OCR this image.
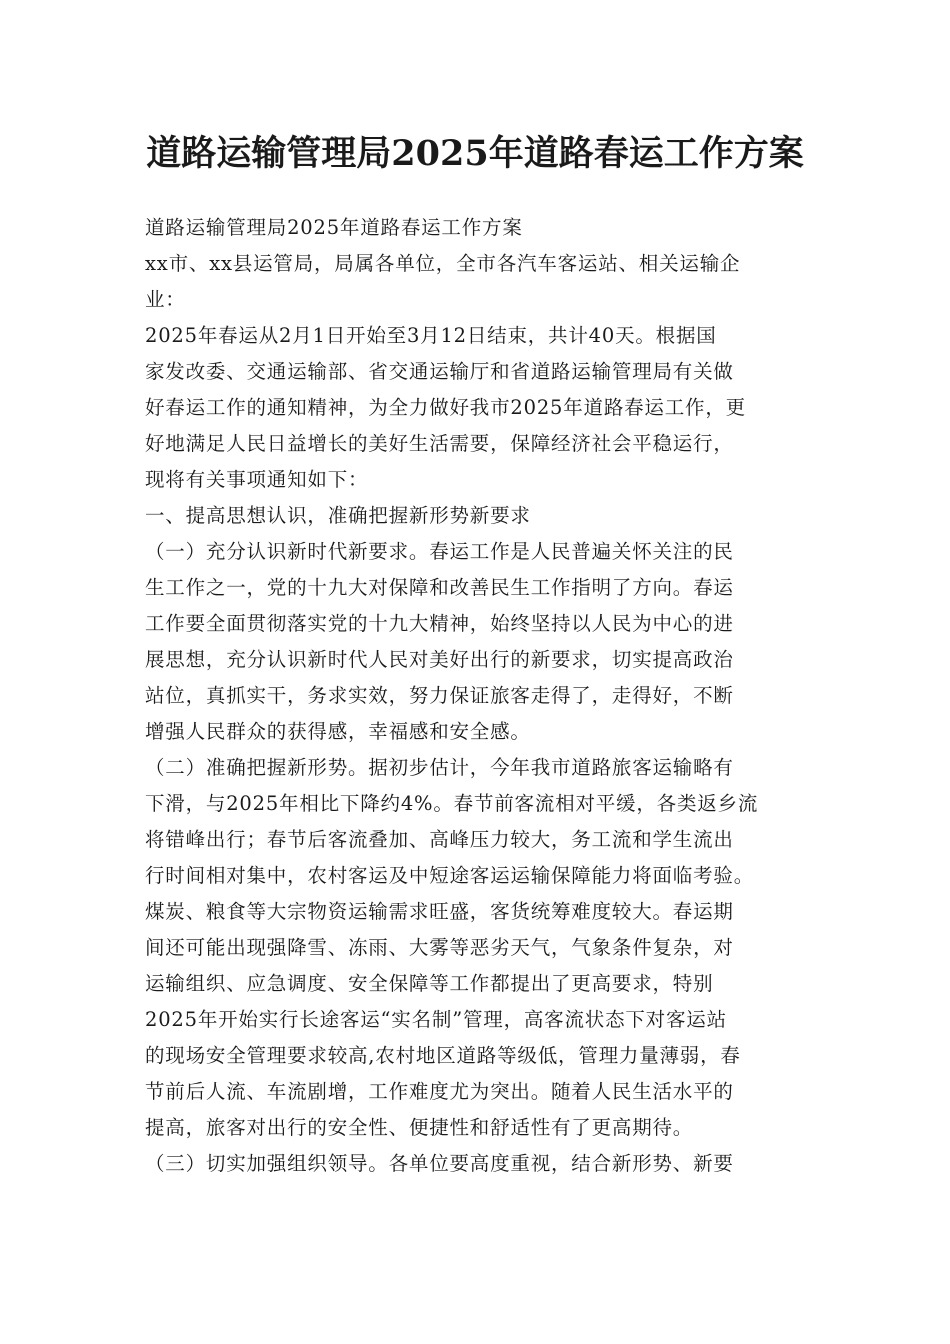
道路运输管理局2025年道路春运工作方案

道路运输管理局2025年道路春运工作方案

xx市、xx县运管局，局属各单位，全市各汽车客运站、相关运输企

业：

2025年春运从2月1日开始至3月12日结束，共计40天。根据国

家发改委、交通运输部、省交通运输厅和省道路运输管理局有关做

好春运工作的通知精神，为全力做好我市2025年道路春运工作，更

好地满足人民日益增长的美好生活需要，保障经济社会平稳运行，

现将有关事项通知如下：

一、提高思想认识，准确把握新形势新要求

（一）充分认识新时代新要求。春运工作是人民普遍关怀关注的民

生工作之一，党的十九大对保障和改善民生工作指明了方向。春运

工作要全面贯彻落实党的十九大精神，始终坚持以人民为中心的进

展思想，充分认识新时代人民对美好出行的新要求，切实提高政治

站位，真抓实干，务求实效，努力保证旅客走得了，走得好，不断

增强人民群众的获得感，幸福感和安全感。

（二）准确把握新形势。据初步估计，今年我市道路旅客运输略有

下滑，与2025年相比下降约4%。春节前客流相对平缓，各类返乡流

将错峰出行；春节后客流叠加、高峰压力较大，务工流和学生流出

行时间相对集中，农村客运及中短途客运运输保障能力将面临考验。

煤炭、粮食等大宗物资运输需求旺盛，客货统筹难度较大。春运期

间还可能出现强降雪、冻雨、大雾等恶劣天气，气象条件复杂，对

运输组织、应急调度、安全保障等工作都提出了更高要求，特别

2025年开始实行长途客运“实名制”管理，高客流状态下对客运站

的现场安全管理要求较高,农村地区道路等级低，管理力量薄弱，春

节前后人流、车流剧增，工作难度尤为突出。随着人民生活水平的

提高，旅客对出行的安全性、便捷性和舒适性有了更高期待。

（三）切实加强组织领导。各单位要高度重视，结合新形势、新要
